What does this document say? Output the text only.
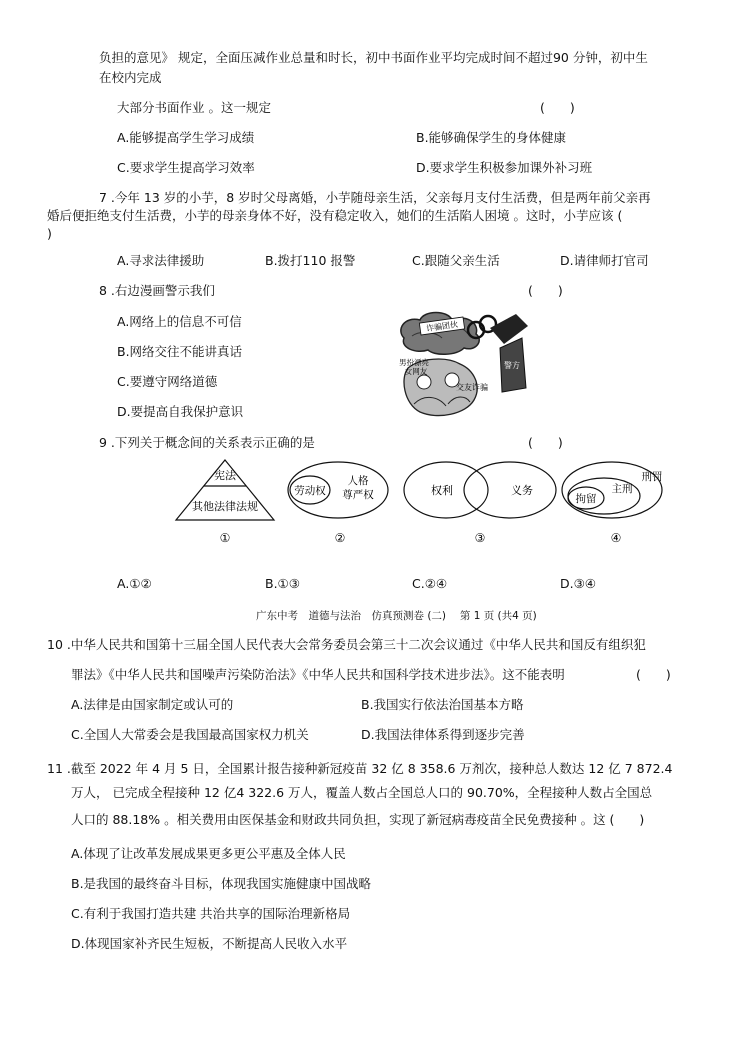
负担的意见》 规定，全面压减作业总量和时长，初中书面作业平均完成时间不超过90 分钟，初中生
在校内完成
大部分书面作业 。这一规定	(　　)
A.能够提高学生学习成绩	B.能够确保学生的身体健康
C.要求学生提高学习效率	D.要求学生积极参加课外补习班
7 .今年 13 岁的小芋，8 岁时父母离婚，小芋随母亲生活，父亲每月支付生活费，但是两年前父亲再
婚后便拒绝支付生活费，小芋的母亲身体不好，没有稳定收入，她们的生活陷人困境 。这时，小芋应该 (
)
A.寻求法律援助	B.拨打110 报警	C.跟随父亲生活	D.请律师打官司
8 .右边漫画警示我们	(　　)
A.网络上的信息不可信
B.网络交往不能讲真话
C.要遵守网络道德
D.要提高自我保护意识
诈骗团伙
警方
男扮漂亮
女网友
交友诈骗
9 .下列关于概念间的关系表示正确的是	(　　)
宪法
其他法律法规
①
劳动权
人格
尊严权
②
权利	义务
③
刑罚
主刑
拘留
④
A.①②	B.①③	C.②④	D.③④
广东中考　道德与法治　仿真预测卷 (二)　 第 1 页 (共4 页)
10 .中华人民共和国第十三届全国人民代表大会常务委员会第三十二次会议通过《中华人民共和国反有组织犯
罪法》《中华人民共和国噪声污染防治法》《中华人民共和国科学技术进步法》。这不能表明	(　　)
A.法律是由国家制定或认可的	B.我国实行依法治国基本方略
C.全国人大常委会是我国最高国家权力机关	D.我国法律体系得到逐步完善
11 .截至 2022 年 4 月 5 日，全国累计报告接种新冠疫苗 32 亿 8 358.6 万剂次，接种总人数达 12 亿 7 872.4
万人， 已完成全程接种 12 亿4 322.6 万人，覆盖人数占全国总人口的 90.70%，全程接种人数占全国总
人口的 88.18% 。相关费用由医保基金和财政共同负担，实现了新冠病毒疫苗全民免费接种 。这 (　　)
A.体现了让改革发展成果更多更公平惠及全体人民
B.是我国的最终奋斗目标，体现我国实施健康中国战略
C.有利于我国打造共建 共治共享的国际治理新格局
D.体现国家补齐民生短板，不断提高人民收入水平
